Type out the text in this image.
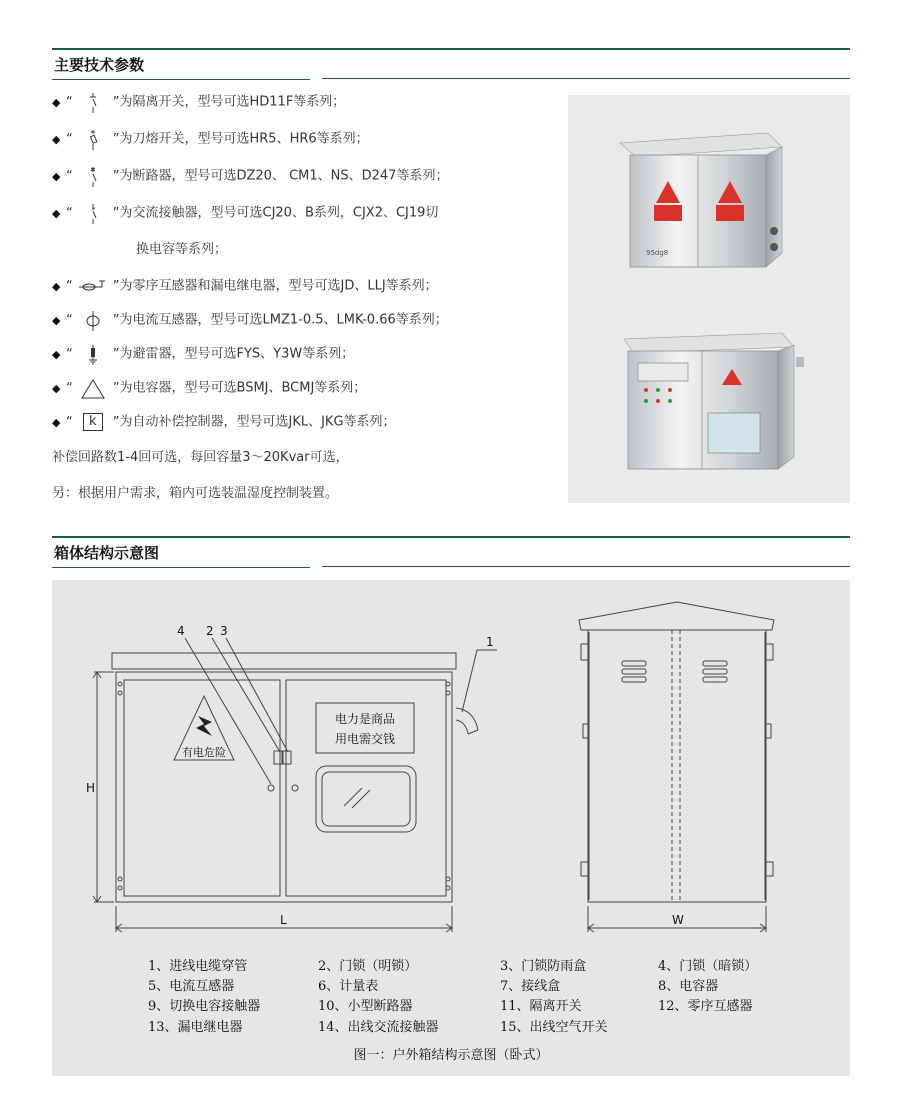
主要技术参数
◆ “	”为隔离开关，型号可选HD11F等系列；
◆ “	”为刀熔开关，型号可选HR5、HR6等系列；
◆ “	”为断路器，型号可选DZ20、 CM1、NS、D247等系列；
◆ “	”为交流接触器，型号可选CJ20、B系列，CJX2、CJ19切
换电容等系列；
◆ “	”为零序互感器和漏电继电器，型号可选JD、LLJ等系列；
◆ “	”为电流互感器，型号可选LMZ1-0.5、LMK-0.66等系列；
◆ “	”为避雷器，型号可选FYS、Y3W等系列；
◆ “	”为电容器，型号可选BSMJ、BCMJ等系列；
◆ “ k ”为自动补偿控制器，型号可选JKL、JKG等系列；
补偿回路数1-4回可选，每回容量3～20Kvar可选，
另：根据用户需求，箱内可选装温湿度控制装置。
95dg8
箱体结构示意图
有电危险
电力是商品
用电需交钱
4 2 3
1
H
L	W
1、进线电缆穿管	2、门锁（明锁）	3、门锁防雨盒	4、门锁（暗锁）
5、电流互感器	6、计量表	7、接线盒	8、电容器
9、切换电容接触器	10、小型断路器	11、隔离开关	12、零序互感器
13、漏电继电器	14、出线交流接触器	15、出线空气开关
图一：户外箱结构示意图（卧式）
